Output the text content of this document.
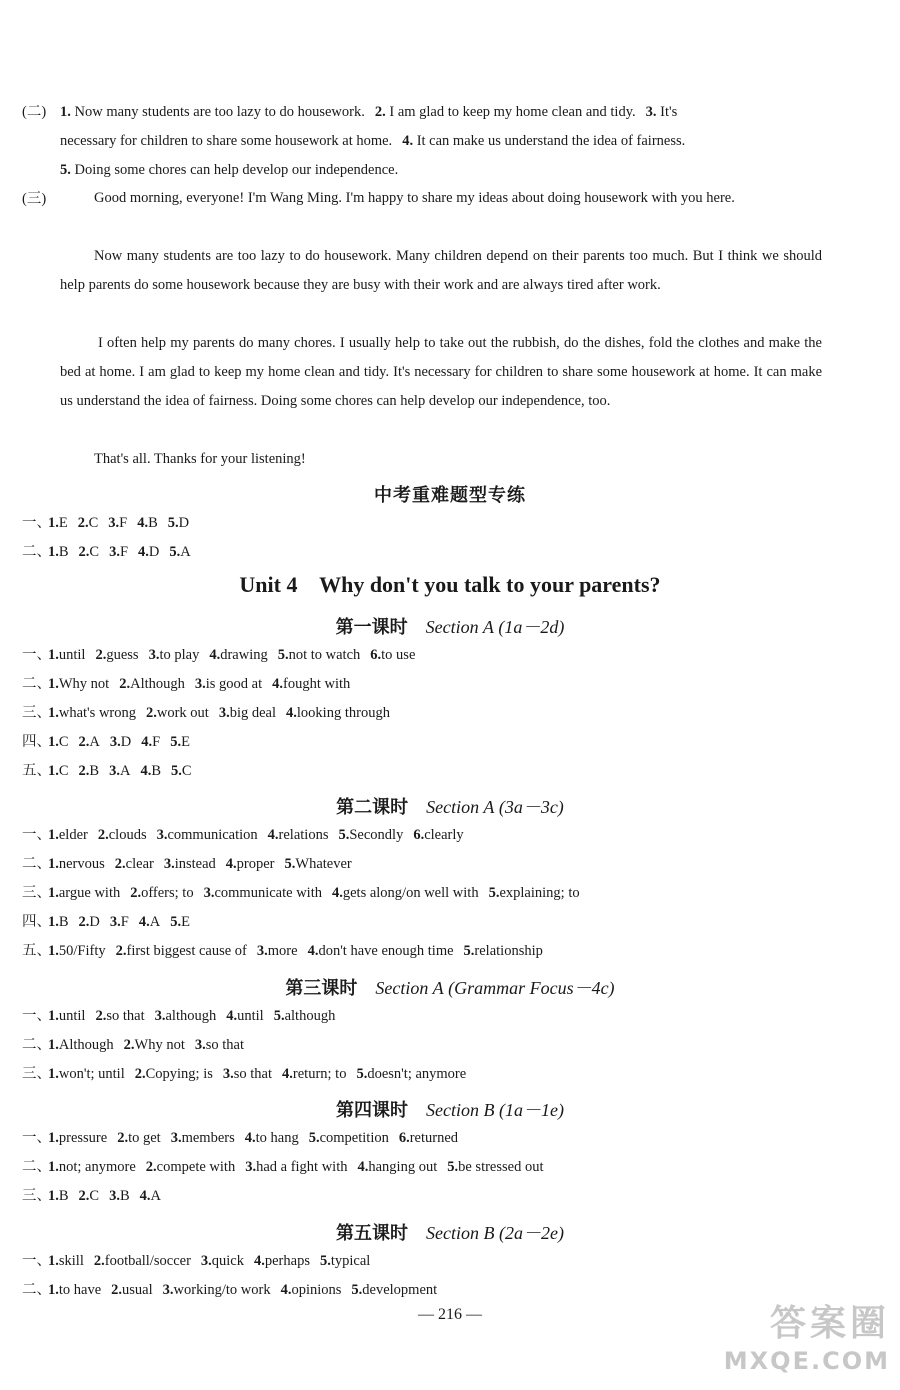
(二) 1. Now many students are too lazy to do housework. 2. I am glad to keep my home clean and tidy. 3. It's
necessary for children to share some housework at home. 4. It can make us understand the idea of fairness.
5. Doing some chores can help develop our independence.
(三)	Good morning, everyone! I'm Wang Ming. I'm happy to share my ideas about doing housework with you here.
Now many students are too lazy to do housework. Many children depend on their parents too much. But I think we should help parents do some housework because they are busy with their work and are always tired after work.
I often help my parents do many chores. I usually help to take out the rubbish, do the dishes, fold the clothes and make the bed at home. I am glad to keep my home clean and tidy. It's necessary for children to share some housework at home. It can make us understand the idea of fairness. Doing some chores can help develop our independence, too.
That's all. Thanks for your listening!
中考重难题型专练
一、
1.E 2.C 3.F 4.B 5.D
二、
1.B 2.C 3.F 4.D 5.A
Unit 4    Why don't you talk to your parents?
第一课时  Section A (1a－2d)
一、
1.until 2.guess 3.to play 4.drawing 5.not to watch 6.to use
二、
1.Why not 2.Although 3.is good at 4.fought with
三、
1.what's wrong 2.work out 3.big deal 4.looking through
四、
1.C 2.A 3.D 4.F 5.E
五、
1.C 2.B 3.A 4.B 5.C
第二课时  Section A (3a－3c)
一、
1.elder 2.clouds 3.communication 4.relations 5.Secondly 6.clearly
二、
1.nervous 2.clear 3.instead 4.proper 5.Whatever
三、
1.argue with 2.offers; to 3.communicate with 4.gets along/on well with 5.explaining; to
四、
1.B 2.D 3.F 4.A 5.E
五、
1.50/Fifty 2.first biggest cause of 3.more 4.don't have enough time 5.relationship
第三课时  Section A (Grammar Focus－4c)
一、
1.until 2.so that 3.although 4.until 5.although
二、
1.Although 2.Why not 3.so that
三、
1.won't; until 2.Copying; is 3.so that 4.return; to 5.doesn't; anymore
第四课时  Section B (1a－1e)
一、
1.pressure 2.to get 3.members 4.to hang 5.competition 6.returned
二、
1.not; anymore 2.compete with 3.had a fight with 4.hanging out 5.be stressed out
三、
1.B 2.C 3.B 4.A
第五课时  Section B (2a－2e)
一、
1.skill 2.football/soccer 3.quick 4.perhaps 5.typical
二、
1.to have 2.usual 3.working/to work 4.opinions 5.development
— 216 —	答案圈
MXQE.COM
